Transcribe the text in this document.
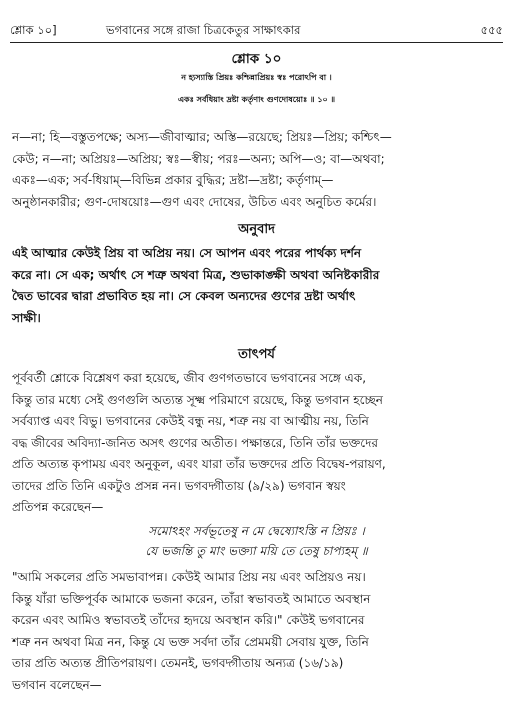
শ্লোক ১০]	ভগবানের সঙ্গে রাজা চিত্রকেতুর সাক্ষাৎকার	৫৫৫
শ্লোক ১০
ন হ্যস্যাস্তি প্রিয়ঃ কশ্চিন্নাপ্রিয়ঃ স্বঃ পরোঽপি বা ।
একঃ সর্বধিয়াং দ্রষ্টা কর্তৃণাং গুণদোষয়োঃ ॥ ১০ ॥
ন—না; হি—বস্তুতপক্ষে; অস্য—জীবাত্মার; অস্তি—রয়েছে; প্রিয়ঃ—প্রিয়; কশ্চিৎ—
কেউ; ন—না; অপ্রিয়ঃ—অপ্রিয়; স্বঃ—স্বীয়; পরঃ—অন্য; অপি—ও; বা—অথবা;
একঃ—এক; সর্ব-ধিয়াম্—বিভিন্ন প্রকার বুদ্ধির; দ্রষ্টা—দ্রষ্টা; কর্তৃণাম্—
অনুষ্ঠানকারীর; গুণ-দোষয়োঃ—গুণ এবং দোষের, উচিত এবং অনুচিত কর্মের।
অনুবাদ
এই আত্মার কেউই প্রিয় বা অপ্রিয় নয়। সে আপন এবং পরের পার্থক্য দর্শন
করে না। সে এক; অর্থাৎ সে শত্রু অথবা মিত্র, শুভাকাঙ্ক্ষী অথবা অনিষ্টকারীর
দ্বৈত ভাবের দ্বারা প্রভাবিত হয় না। সে কেবল অন্যদের গুণের দ্রষ্টা অর্থাৎ
সাক্ষী।
তাৎপর্য
পূর্ববর্তী শ্লোকে বিশ্লেষণ করা হয়েছে, জীব গুণগতভাবে ভগবানের সঙ্গে এক,
কিন্তু তার মধ্যে সেই গুণগুলি অত্যন্ত সূক্ষ্ম পরিমাণে রয়েছে, কিন্তু ভগবান হচ্ছেন
সর্বব্যাপ্ত এবং বিভু। ভগবানের কেউই বন্ধু নয়, শত্রু নয় বা আত্মীয় নয়, তিনি
বদ্ধ জীবের অবিদ্যা-জনিত অসৎ গুণের অতীত। পক্ষান্তরে, তিনি তাঁর ভক্তদের
প্রতি অত্যন্ত কৃপাময় এবং অনুকূল, এবং যারা তাঁর ভক্তদের প্রতি বিদ্বেষ-পরায়ণ,
তাদের প্রতি তিনি একটুও প্রসন্ন নন। ভগবদ্গীতায় (৯/২৯) ভগবান স্বয়ং
প্রতিপন্ন করেছেন—
সমোঽহং সর্বভূতেষু ন মে দ্বেষ্যোঽস্তি ন প্রিয়ঃ ।
যে ভজন্তি তু মাং ভক্ত্যা ময়ি তে তেষু চাপ্যহম্ ॥
"আমি সকলের প্রতি সমভাবাপন্ন। কেউই আমার প্রিয় নয় এবং অপ্রিয়ও নয়।
কিন্তু যাঁরা ভক্তিপূর্বক আমাকে ভজনা করেন, তাঁরা স্বভাবতই আমাতে অবস্থান
করেন এবং আমিও স্বভাবতই তাঁদের হৃদয়ে অবস্থান করি।" কেউই ভগবানের
শত্রু নন অথবা মিত্র নন, কিন্তু যে ভক্ত সর্বদা তাঁর প্রেমময়ী সেবায় যুক্ত, তিনি
তার প্রতি অত্যন্ত প্রীতিপরায়ণ। তেমনই, ভগবদ্গীতায় অন্যত্র (১৬/১৯)
ভগবান বলেছেন—
